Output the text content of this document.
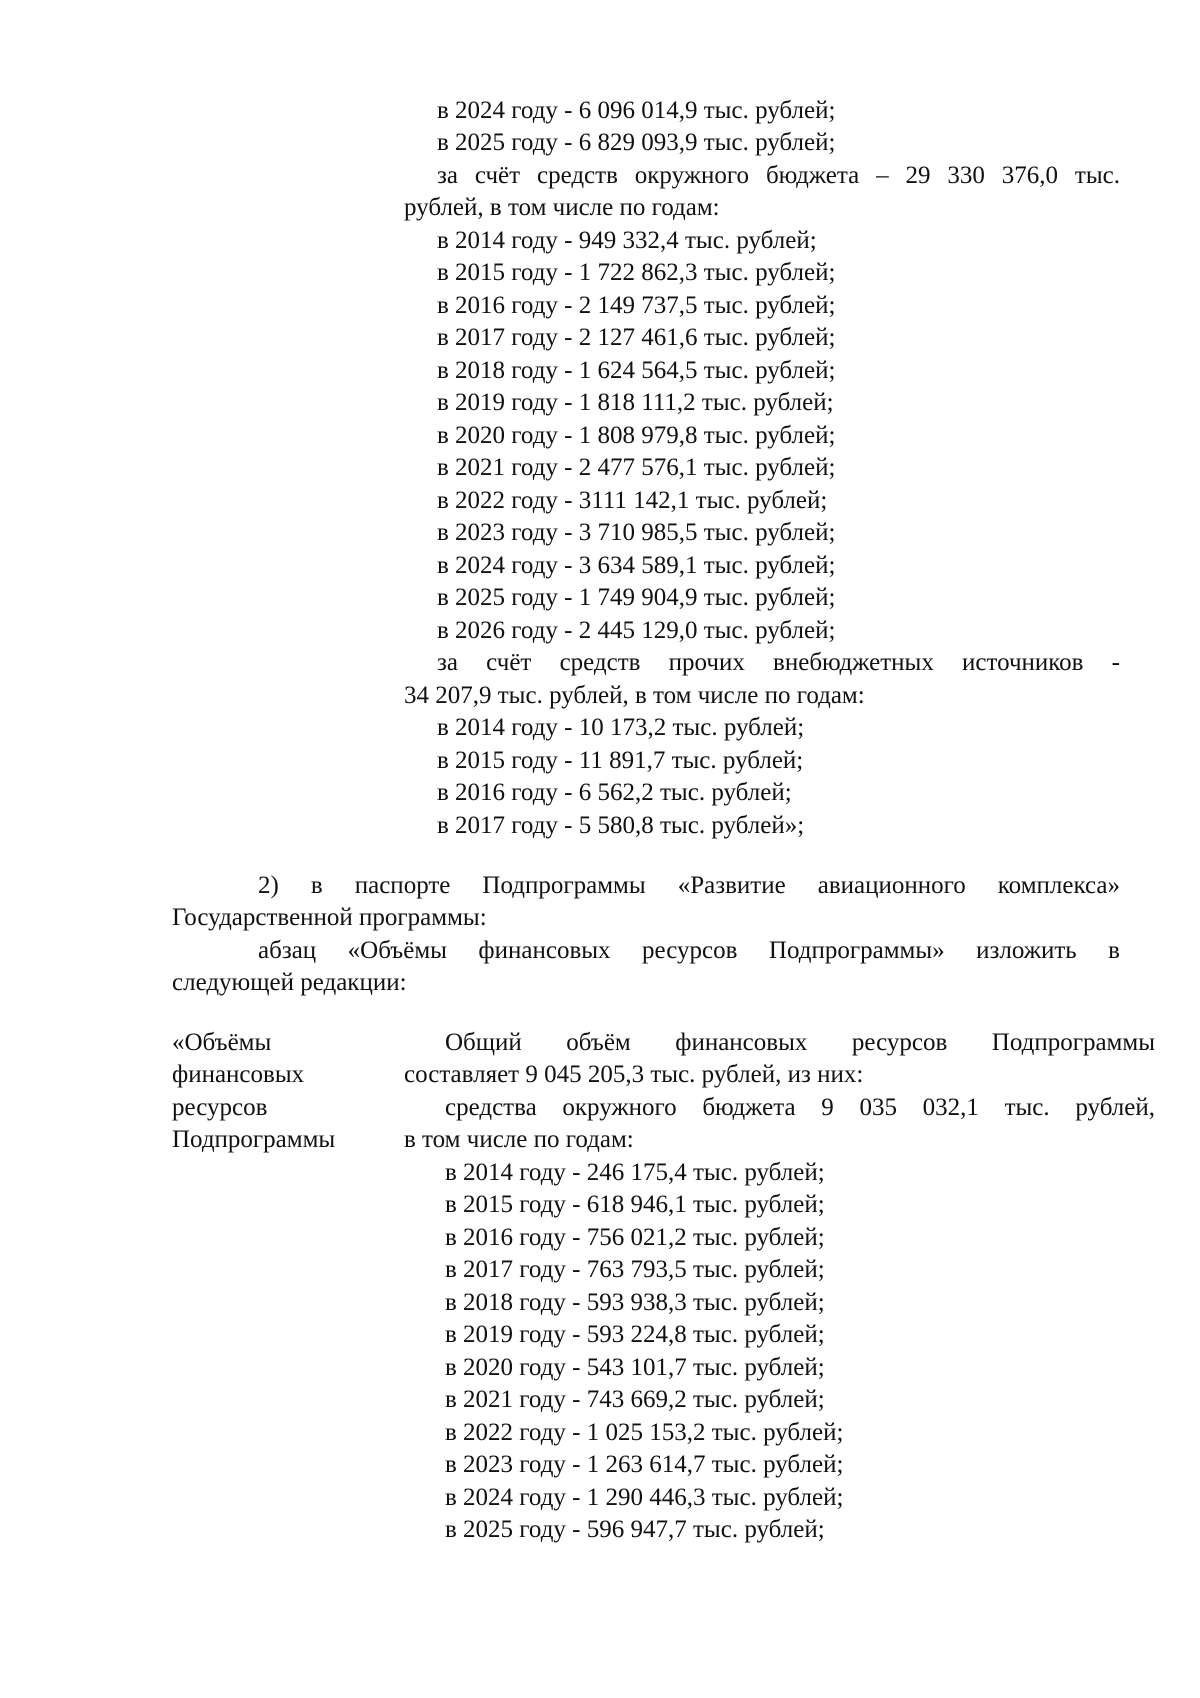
в 2024 году - 6 096 014,9 тыс. рублей;
в 2025 году - 6 829 093,9 тыс. рублей;
за счёт средств окружного бюджета – 29 330 376,0 тыс.
рублей, в том числе по годам:
в 2014 году - 949 332,4 тыс. рублей;
в 2015 году - 1 722 862,3 тыс. рублей;
в 2016 году - 2 149 737,5 тыс. рублей;
в 2017 году - 2 127 461,6 тыс. рублей;
в 2018 году - 1 624 564,5 тыс. рублей;
в 2019 году - 1 818 111,2 тыс. рублей;
в 2020 году - 1 808 979,8 тыс. рублей;
в 2021 году - 2 477 576,1 тыс. рублей;
в 2022 году - 3111 142,1 тыс. рублей;
в 2023 году - 3 710 985,5 тыс. рублей;
в 2024 году - 3 634 589,1 тыс. рублей;
в 2025 году - 1 749 904,9 тыс. рублей;
в 2026 году - 2 445 129,0 тыс. рублей;
за счёт средств прочих внебюджетных источников -
34 207,9 тыс. рублей, в том числе по годам:
в 2014 году - 10 173,2 тыс. рублей;
в 2015 году - 11 891,7 тыс. рублей;
в 2016 году - 6 562,2 тыс. рублей;
в 2017 году - 5 580,8 тыс. рублей»;
2) в паспорте Подпрограммы «Развитие авиационного комплекса»
Государственной программы:
абзац «Объёмы финансовых ресурсов Подпрограммы» изложить в
следующей редакции:
«Объёмы
финансовых
ресурсов
Подпрограммы
Общий объём финансовых ресурсов Подпрограммы
составляет 9 045 205,3 тыс. рублей, из них:
средства окружного бюджета 9 035 032,1 тыс. рублей,
в том числе по годам:
в 2014 году - 246 175,4 тыс. рублей;
в 2015 году - 618 946,1 тыс. рублей;
в 2016 году - 756 021,2 тыс. рублей;
в 2017 году - 763 793,5 тыс. рублей;
в 2018 году - 593 938,3 тыс. рублей;
в 2019 году - 593 224,8 тыс. рублей;
в 2020 году - 543 101,7 тыс. рублей;
в 2021 году - 743 669,2 тыс. рублей;
в 2022 году - 1 025 153,2 тыс. рублей;
в 2023 году - 1 263 614,7 тыс. рублей;
в 2024 году - 1 290 446,3 тыс. рублей;
в 2025 году - 596 947,7 тыс. рублей;
